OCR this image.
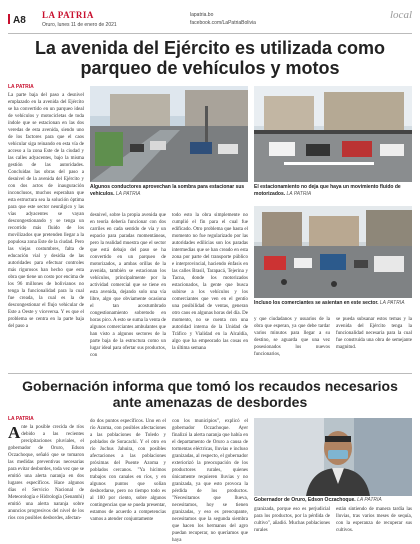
A8 LA PATRIA
Oruro, lunes 11 de enero de 2021
lapatria.bo
facebook.com/LaPatriaBolivia
local
La avenida del Ejército es utilizada como parqueo de vehículos y motos
LA PATRIA
La parte baja del paso a desnivel emplazado en la avenida del Ejército se ha convertido en un parqueo ideal de vehículos y motocicletas de toda índole que se estacionan en las dos veredas de esta avenida, siendo uno de los factores para que el caos vehicular siga reinando en esta vía de acceso a la zona Este de la ciudad y las calles adyacentes, bajo la misma gestión de las autoridades. Concluidas las obras del paso a desnivel de la avenida del Ejército y con dos actos de inauguración inconclusos, muchos esperaban que esta estructura sea la solución óptima para que este sector neurálgico y las vías adyacentes se vayan descongestionando y se tenga un recorrido más fluido de los movilizados que pretenden llegar a la populosa zona Este de la ciudad. Pero las viejas costumbres, falta de educación vial y desidia de las autoridades para efectuar controles más rigurosos han hecho que esta obra que tiene un costo por encima de los 96 millones de bolivianos no tenga la funcionalidad para la cual fue creada, la cual es la de descongestionar el flujo vehicular de Este a Oeste y viceversa. Y es que el problema se centra en la parte baja del paso a
desnivel, sobre la propia avenida que en teoría debería funcionar con dos carriles en cada sentido de vía y un espacio para paradas momentáneas, pero la realidad muestra que el sector que está debajo del paso se ha convertido en un parqueo de motorizados, a ambas orillas de la avenida, también se estacionan los vehículos, principalmente por la actividad comercial que se tiene en esta avenida, dejando solo una vía libre, algo que obviamente ocasiona el tan acostumbrado congestionamiento sobretodo en horas pico. A esto se suma la venta de algunos comerciantes ambulantes que han visto a algunos sectores de la parte baja de la estructura como un lugar ideal para ofertar sus productos, con
todo esto la obra simplemente no cumplió el fin para el cual fue edificado. Otro problema que hasta el momento no fue regularizado por las autoridades edilicias son los paradas intermedias que se han creado en esta zona por parte del transporte público e interprovincial, haciendo énfasis en las calles Brasil, Tarapacá, Tejerina y Tacna, donde los motorizados estacionados, la gente que busca subirse a los vehículos y los comerciantes que ven en el gentío una posibilidad de ventas, generan otro caos en algunas horas del día. De momento, no se cuenta con una autoridad interna de la Unidad de Tráfico y Vialidad en la Alcaldía, algo que ha empeorado las cosas en la última semana
y que ciudadanos y usuarios de la obra que esperan, ya que debe tardar varios minutos para llegar a su destino, se aguarda que una vez posesionados los nuevos funcionarios,
se pueda subsanar estos temas y la avenida del Ejército tenga la funcionalidad necesaria para la cual fue construida una obra de semejante magnitud.
Algunos conductores aprovechan la sombra para estacionar sus vehículos. LA PATRIA
El estacionamiento no deja que haya un movimiento fluido de motorizados. LA PATRIA
Incluso los comerciantes se asientan en este sector. LA PATRIA
Gobernación informa que tomó los recaudos necesarios ante amenazas de desbordes
LA PATRIA
Ante la posible crecida de ríos debido a las recientes precipitaciones pluviales, el gobernador de Oruro, Edson Oczachoque, señaló que se tomaron las medidas preventivas necesarias para evitar desbordes, toda vez que se emitió una alerta naranja en dos lugares específicos. Hace algunos días el Servicio Nacional de Meteorología e Hidrología (Senamhi) emitió una alerta naranja sobre anuncios progresivos del nivel de los ríos con posibles desbordes, afectan-
do dos puntos específicos. Uno en el río Azoma, con posibles afectaciones a las poblaciones de Toledo y poblados de Soracachi. Y el otro en río Juchus Jahuira, con posibles afectaciones a las poblaciones próximas del Puente Azoma y poblados cercanos. "Ya hicimos trabajos con canales en ríos, y en algunos puntos que solían desbordarse, pero no tiempo todo es al 100 por ciento, sobre algunos contingencias que se pueda presentar, estamos de acuerdo a competencias vamos a atender conjuntamente
con los municipios", explicó el gobernador Oczachoque. Ayer finalizó la alerta naranja que había en el departamento de Oruro a causa de tormentas eléctricas, lluvias e incluso granizadas, al respecto, el gobernador exteriorizó la preocupación de los productores rurales, quienes únicamente requieren lluvias y no granizada, ya que esto provoca la pérdida de los productos. "Necesitamos que llueva, necesitamos, hoy se tienen granizadas, y eso es preocupante, necesitamos que la segunda siembra que hacen los hermanos del agro puedan recuperar, no queríamos que haya
Gobernador de Oruro, Edson Oczachoque. LA PATRIA
granizada, porque eso es perjudicial para los productos, por la pérdida de cultivo", añadió. Muchas poblaciones rurales
están sintiendo de manera tardía las lluvias, tras varios meses de sequía, con la esperanza de recuperar sus cultivos.
